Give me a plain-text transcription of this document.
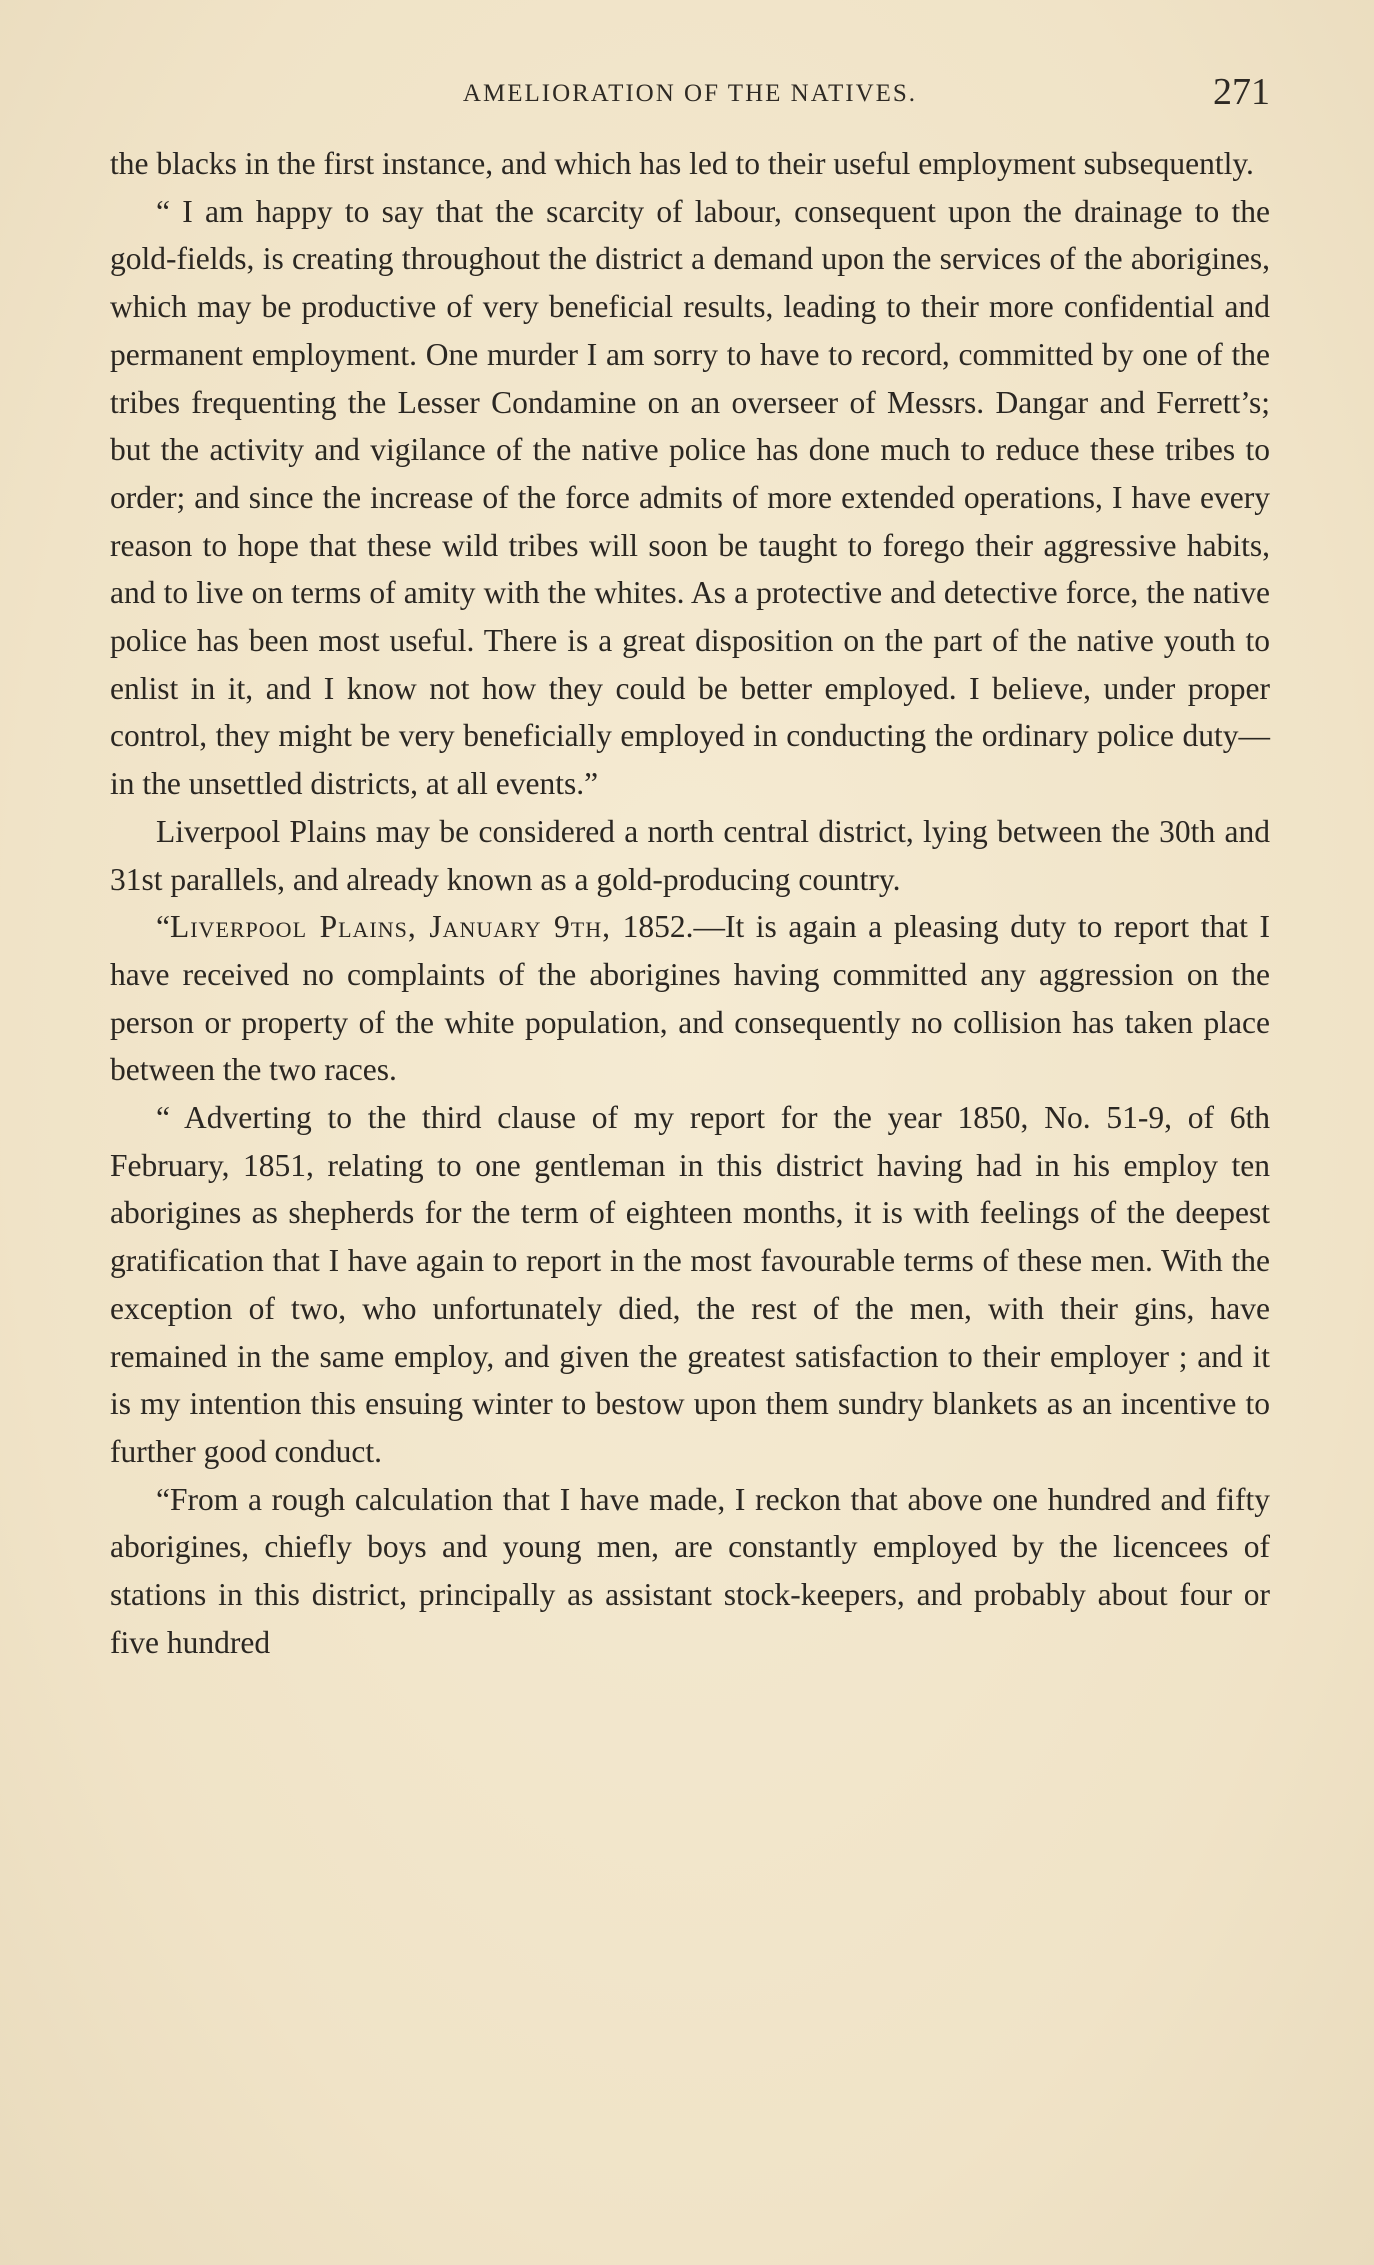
AMELIORATION OF THE NATIVES.	271

the blacks in the first instance, and which has led to their useful employment subsequently.

“ I am happy to say that the scarcity of labour, consequent upon the drainage to the gold-fields, is creating throughout the district a demand upon the services of the aborigines, which may be productive of very beneficial results, leading to their more confidential and permanent employment. One murder I am sorry to have to record, committed by one of the tribes frequenting the Lesser Condamine on an overseer of Messrs. Dangar and Ferrett’s; but the activity and vigilance of the native police has done much to reduce these tribes to order; and since the increase of the force admits of more extended operations, I have every reason to hope that these wild tribes will soon be taught to forego their aggressive habits, and to live on terms of amity with the whites. As a protective and detective force, the native police has been most useful. There is a great disposition on the part of the native youth to enlist in it, and I know not how they could be better employed. I believe, under proper control, they might be very beneficially employed in conducting the ordinary police duty—in the unsettled districts, at all events.”

Liverpool Plains may be considered a north central district, lying between the 30th and 31st parallels, and already known as a gold-producing country.

“Liverpool Plains, January 9th, 1852.—It is again a pleasing duty to report that I have received no complaints of the aborigines having committed any aggression on the person or property of the white population, and consequently no collision has taken place between the two races.

“ Adverting to the third clause of my report for the year 1850, No. 51-9, of 6th February, 1851, relating to one gentleman in this district having had in his employ ten aborigines as shepherds for the term of eighteen months, it is with feelings of the deepest gratification that I have again to report in the most favourable terms of these men. With the exception of two, who unfortunately died, the rest of the men, with their gins, have remained in the same employ, and given the greatest satisfaction to their employer ; and it is my intention this ensuing winter to bestow upon them sundry blankets as an incentive to further good conduct.

“From a rough calculation that I have made, I reckon that above one hundred and fifty aborigines, chiefly boys and young men, are constantly employed by the licencees of stations in this district, principally as assistant stock-keepers, and probably about four or five hundred
